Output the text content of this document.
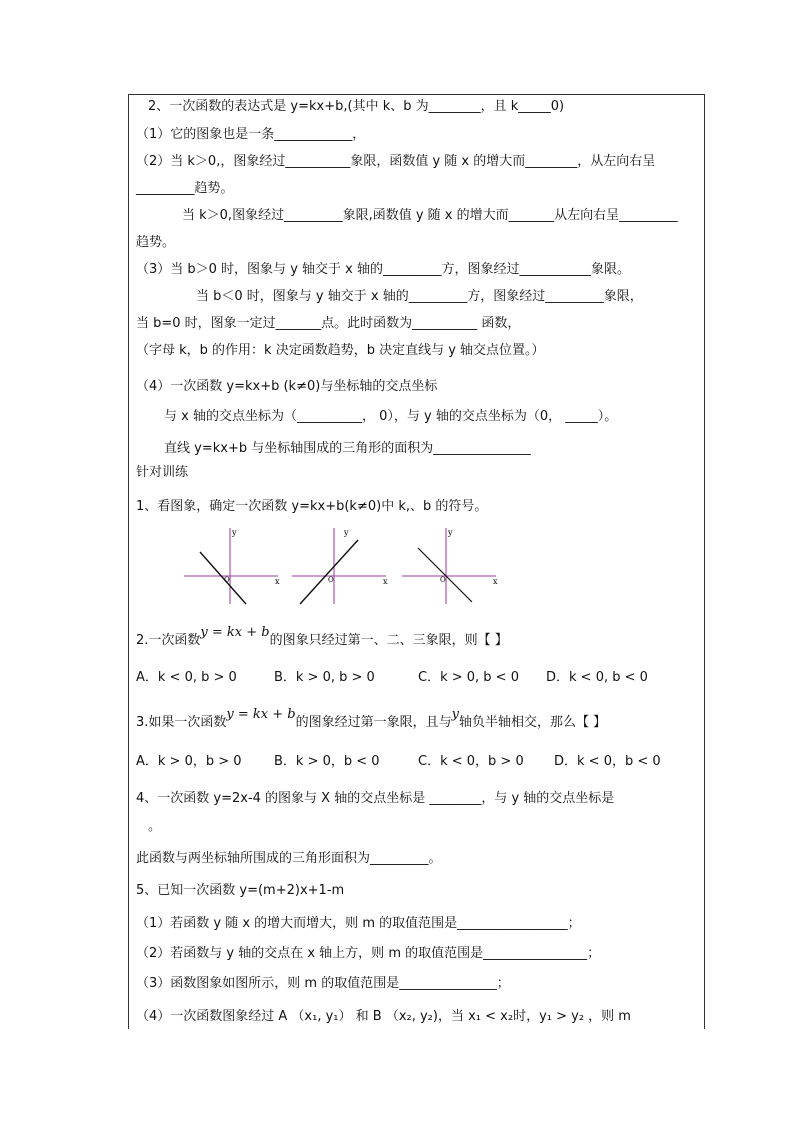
2、一次函数的表达式是 y=kx+b,(其中 k、b 为________，且 k_____0)
（1）它的图象也是一条____________，
（2）当 k＞0,，图象经过__________象限，函数值 y 随 x 的增大而________，从左向右呈
_________趋势。
当 k＞0,图象经过_________象限,函数值 y 随 x 的增大而_______从左向右呈_________
趋势。
（3）当 b＞0 时，图象与 y 轴交于 x 轴的_________方，图象经过___________象限。
当 b＜0 时，图象与 y 轴交于 x 轴的_________方，图象经过_________象限，
当 b=0 时，图象一定过_______点。此时函数为__________ 函数，
（字母 k，b 的作用：k 决定函数趋势，b 决定直线与 y 轴交点位置。）
（4）一次函数 y=kx+b (k≠0)与坐标轴的交点坐标
与 x 轴的交点坐标为（__________， 0），与 y 轴的交点坐标为（0， _____）。
直线 y=kx+b 与坐标轴围成的三角形的面积为_______________
针对训练
1、看图象，确定一次函数 y=kx+b(k≠0)中 k,、b 的符号。
y
x
O
y
x
O
y
x
O
2.一次函数y = kx + b的图象只经过第一、二、三象限，则【 】
A．k < 0, b > 0	B．k > 0, b > 0	C．k > 0, b < 0 D．k < 0, b < 0
3.如果一次函数y = kx + b的图象经过第一象限，且与y轴负半轴相交，那么【 】
A．k > 0，b > 0 B．k > 0，b < 0	C．k < 0，b > 0 D．k < 0，b < 0
4、一次函数 y=2x-4 的图象与 X 轴的交点坐标是 ________，与 y 轴的交点坐标是
。
此函数与两坐标轴所围成的三角形面积为_________。
5、已知一次函数 y=(m+2)x+1-m
（1）若函数 y 随 x 的增大而增大，则 m 的取值范围是_________________；
（2）若函数与 y 轴的交点在 x 轴上方，则 m 的取值范围是________________；
（3）函数图象如图所示，则 m 的取值范围是_______________；
（4）一次函数图象经过 A （x₁, y₁） 和 B （x₂, y₂)，当 x₁ < x₂时，y₁ > y₂ ，则 m
